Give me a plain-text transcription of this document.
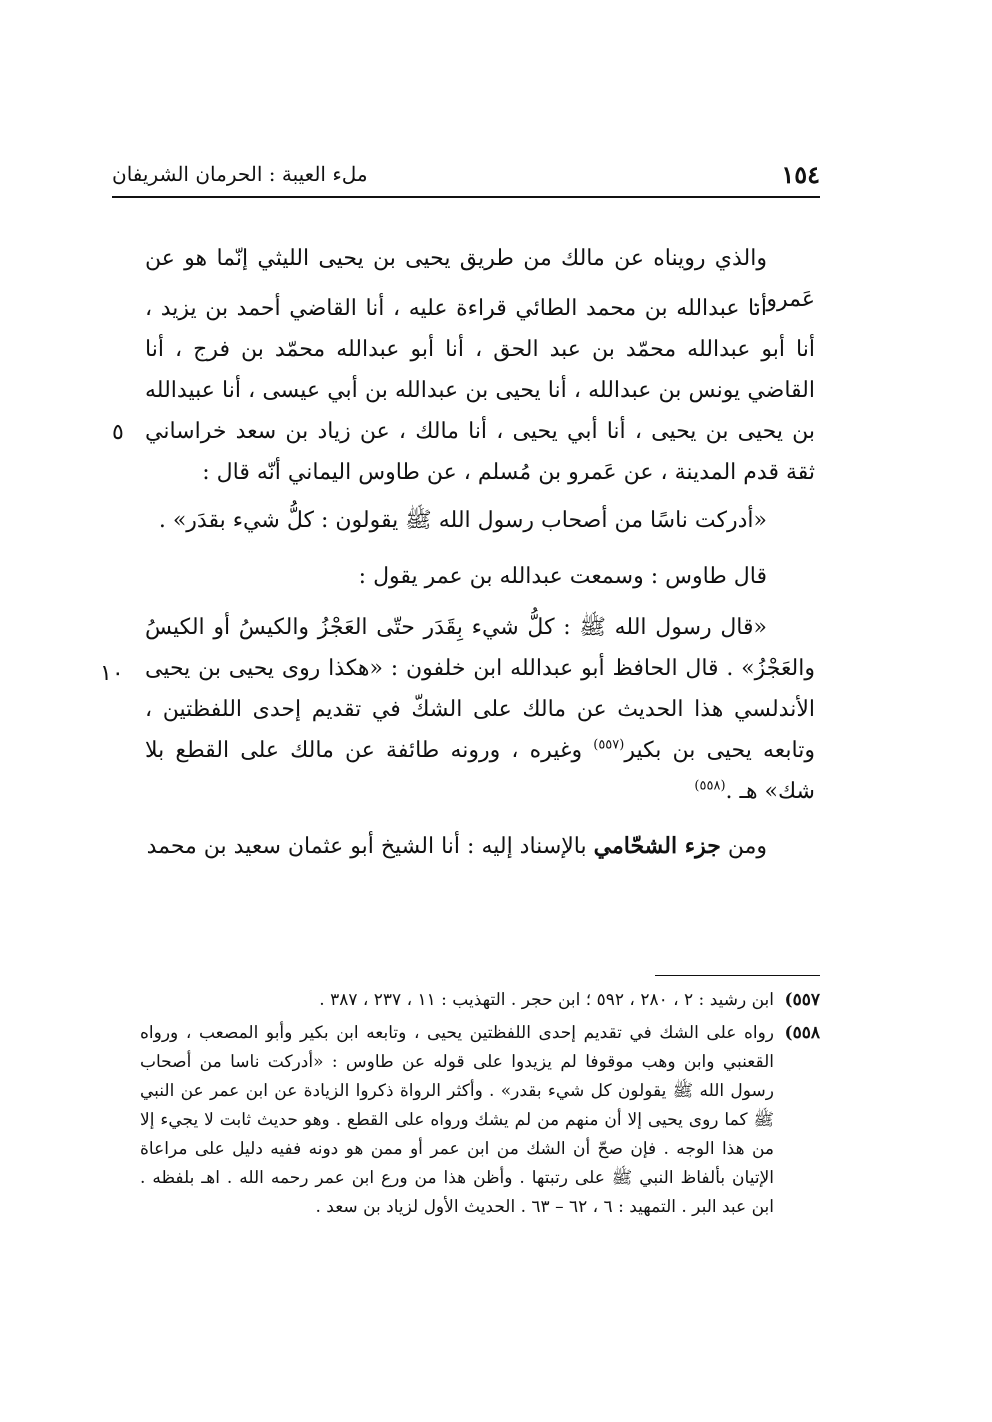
١٥٤
ملء العيبة : الحرمان الشريفان

والذي رويناه عن مالك من طريق يحيى بن يحيى الليثي إنّما هو عن عَمرو .

أنا عبدالله بن محمد الطائي قراءة عليه ، أنا القاضي أحمد بن يزيد ، أنا أبو عبدالله محمّد بن عبد الحق ، أنا أبو عبدالله محمّد بن فرج ، أنا القاضي يونس بن عبدالله ، أنا يحيى بن عبدالله بن أبي عيسى ، أنا عبيدالله بن يحيى بن يحيى ، أنا أبي يحيى ، أنا مالك ، عن زياد بن سعد خراساني ثقة قدم المدينة ، عن عَمرو بن مُسلم ، عن طاوس اليماني أنّه قال :

«أدركت ناسًا من أصحاب رسول الله ﷺ يقولون : كلُّ شيء بقدَر» .

قال طاوس : وسمعت عبدالله بن عمر يقول :

«قال رسول الله ﷺ : كلُّ شيء بِقَدَر حتّى العَجْزُ والكيسُ أو الكيسُ والعَجْزُ» . قال الحافظ أبو عبدالله ابن خلفون : «هكذا روى يحيى بن يحيى الأندلسي هذا الحديث عن مالك على الشكّ في تقديم إحدى اللفظتين ، وتابعه يحيى بن بكير$^{(٥٥٧)}$ وغيره ، ورونه طائفة عن مالك على القطع بلا شك» هـ .$^{(٥٥٨)}$

ومن جزء الشحّامي بالإسناد إليه : أنا الشيخ أبو عثمان سعيد بن محمد

٥
١٠
٥٥٧)
ابن رشيد : ٢ ، ٢٨٠ ، ٥٩٢ ؛ ابن حجر . التهذيب : ١١ ، ٢٣٧ ، ٣٨٧ .
٥٥٨)
رواه على الشك في تقديم إحدى اللفظتين يحيى ، وتابعه ابن بكير وأبو المصعب ، ورواه القعنبي وابن وهب موقوفا لم يزيدوا على قوله عن طاوس : «أدركت ناسا من أصحاب رسول الله ﷺ يقولون كل شيء بقدر» . وأكثر الرواة ذكروا الزيادة عن ابن عمر عن النبي ﷺ كما روى يحيى إلا أن منهم من لم يشك ورواه على القطع . وهو حديث ثابت لا يجيء إلا من هذا الوجه . فإن صحّ أن الشك من ابن عمر أو ممن هو دونه ففيه دليل على مراعاة الإتيان بألفاظ النبي ﷺ على رتبتها . وأظن هذا من ورع ابن عمر رحمه الله . اهـ بلفظه . ابن عبد البر . التمهيد : ٦ ، ٦٢ – ٦٣ . الحديث الأول لزياد بن سعد .
